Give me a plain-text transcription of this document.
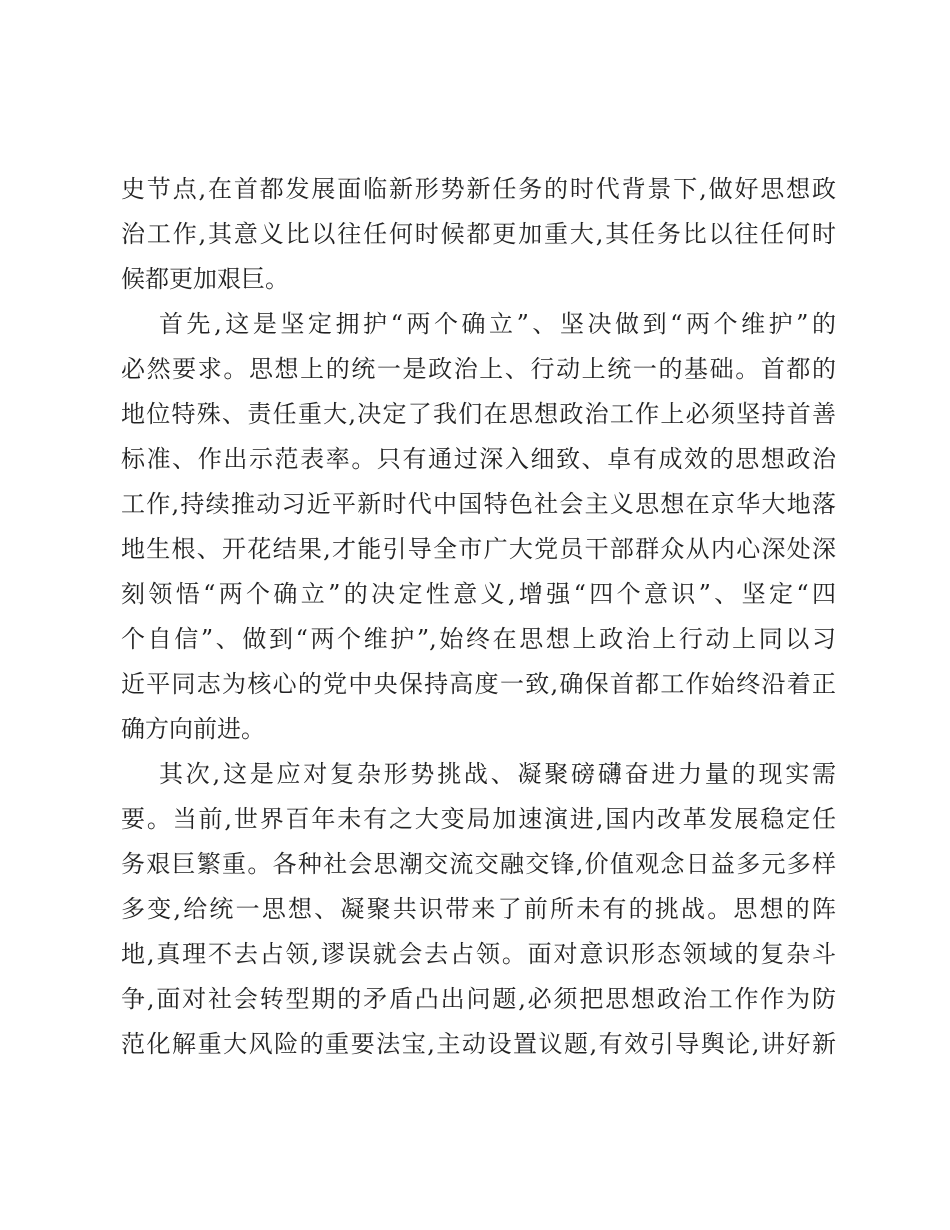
史节点,在首都发展面临新形势新任务的时代背景下,做好思想政
治工作,其意义比以往任何时候都更加重大,其任务比以往任何时
候都更加艰巨。
首先,这是坚定拥护“两个确立”、坚决做到“两个维护”的
必然要求。思想上的统一是政治上、行动上统一的基础。首都的
地位特殊、责任重大,决定了我们在思想政治工作上必须坚持首善
标准、作出示范表率。只有通过深入细致、卓有成效的思想政治
工作,持续推动习近平新时代中国特色社会主义思想在京华大地落
地生根、开花结果,才能引导全市广大党员干部群众从内心深处深
刻领悟“两个确立”的决定性意义,增强“四个意识”、坚定“四
个自信”、做到“两个维护”,始终在思想上政治上行动上同以习
近平同志为核心的党中央保持高度一致,确保首都工作始终沿着正
确方向前进。
其次,这是应对复杂形势挑战、凝聚磅礴奋进力量的现实需
要。当前,世界百年未有之大变局加速演进,国内改革发展稳定任
务艰巨繁重。各种社会思潮交流交融交锋,价值观念日益多元多样
多变,给统一思想、凝聚共识带来了前所未有的挑战。思想的阵
地,真理不去占领,谬误就会去占领。面对意识形态领域的复杂斗
争,面对社会转型期的矛盾凸出问题,必须把思想政治工作作为防
范化解重大风险的重要法宝,主动设置议题,有效引导舆论,讲好新
